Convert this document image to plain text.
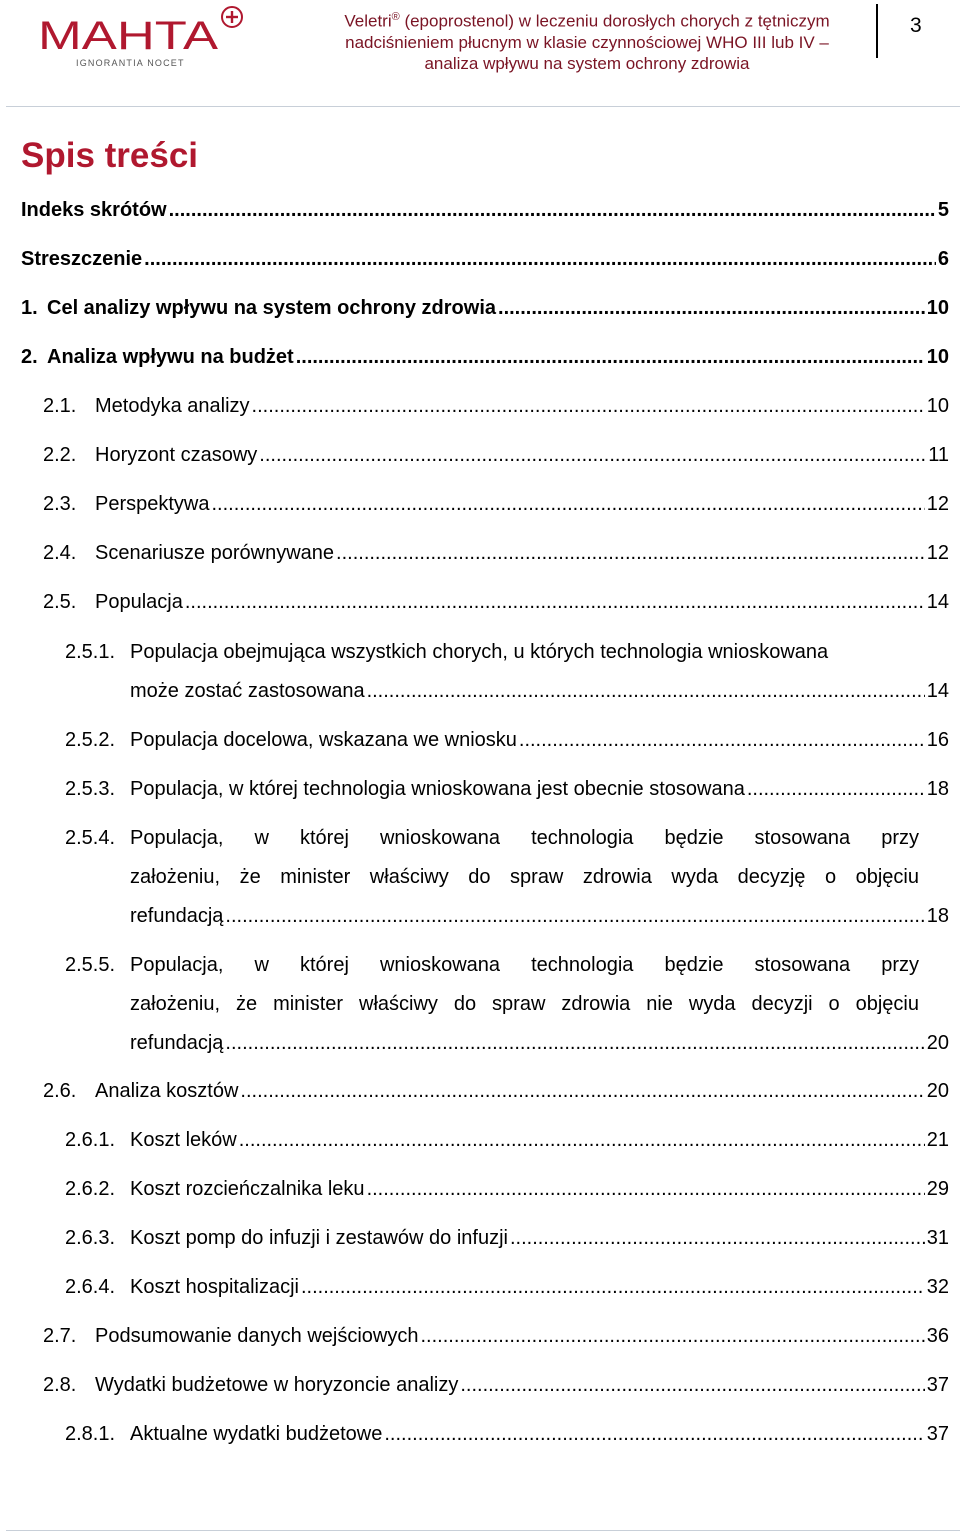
MAHTA
IGNORANTIA NOCET
Veletri® (epoprostenol) w leczeniu dorosłych chorych z tętniczym
nadciśnieniem płucnym w klasie czynnościowej WHO III lub IV –
analiza wpływu na system ochrony zdrowia
3
Spis treści
Indeks skrótów .....	5
Streszczenie .....	6
1. Cel analizy wpływu na system ochrony zdrowia .....	10
2. Analiza wpływu na budżet .....	10
2.1. Metodyka analizy .....	10
2.2. Horyzont czasowy .....	11
2.3. Perspektywa .....	12
2.4. Scenariusze porównywane .....	12
2.5. Populacja .....	14
2.5.1. Populacja obejmująca wszystkich chorych, u których technologia wnioskowana
może zostać zastosowana .....	14
2.5.2. Populacja docelowa, wskazana we wniosku .....	16
2.5.3. Populacja, w której technologia wnioskowana jest obecnie stosowana .....	18
2.5.4. Populacja, w której wnioskowana technologia będzie stosowana przy
założeniu, że minister właściwy do spraw zdrowia wyda decyzję o objęciu
refundacją .....	18
2.5.5. Populacja, w której wnioskowana technologia będzie stosowana przy
założeniu, że minister właściwy do spraw zdrowia nie wyda decyzji o objęciu
refundacją .....	20
2.6. Analiza kosztów .....	20
2.6.1. Koszt leków .....	21
2.6.2. Koszt rozcieńczalnika leku .....	29
2.6.3. Koszt pomp do infuzji i zestawów do infuzji .....	31
2.6.4. Koszt hospitalizacji .....	32
2.7. Podsumowanie danych wejściowych .....	36
2.8. Wydatki budżetowe w horyzoncie analizy .....	37
2.8.1. Aktualne wydatki budżetowe .....	37
